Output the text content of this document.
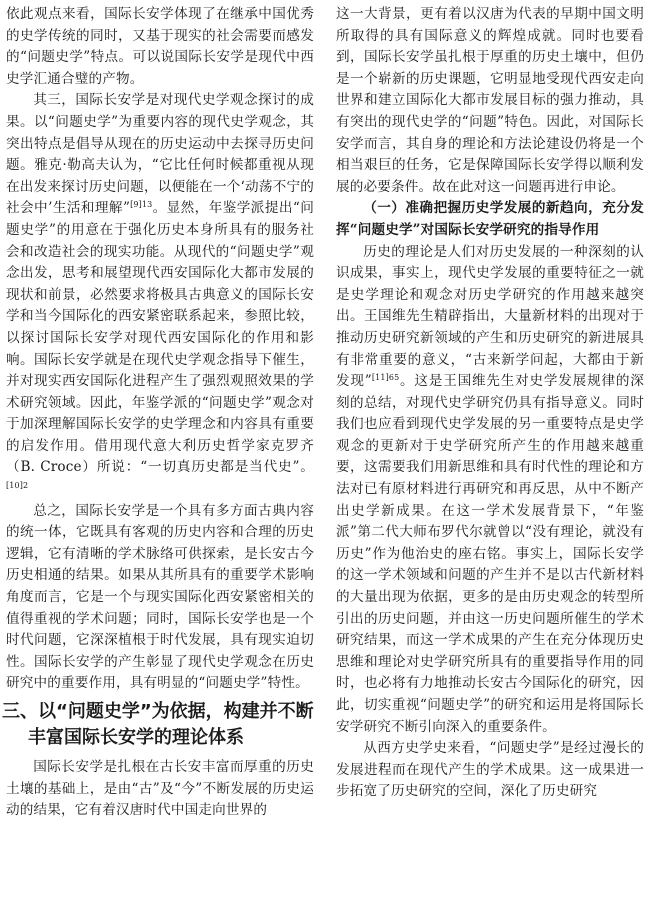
依此观点来看，国际长安学体现了在继承中国优秀的史学传统的同时，又基于现实的社会需要而感发的“问题史学”特点。可以说国际长安学是现代中西史学汇通合璧的产物。

其三，国际长安学是对现代史学观念探讨的成果。以“问题史学”为重要内容的现代史学观念，其突出特点是倡导从现在的历史运动中去探寻历史问题。雅克·勒高夫认为，“它比任何时候都重视从现在出发来探讨历史问题，以便能在一个‘动荡不宁的社会中’生活和理解”$^{[9]13}$。显然，年鉴学派提出“问题史学”的用意在于强化历史本身所具有的服务社会和改造社会的现实功能。从现代的“问题史学”观念出发，思考和展望现代西安国际化大都市发展的现状和前景，必然要求将极具古典意义的国际长安学和当今国际化的西安紧密联系起来，参照比较，以探讨国际长安学对现代西安国际化的作用和影响。国际长安学就是在现代史学观念指导下催生，并对现实西安国际化进程产生了强烈观照效果的学术研究领域。因此，年鉴学派的“问题史学”观念对于加深理解国际长安学的史学理念和内容具有重要的启发作用。借用现代意大利历史哲学家克罗齐（B. Croce）所说：“一切真历史都是当代史”。$^{[10]2}$

总之，国际长安学是一个具有多方面古典内容的统一体，它既具有客观的历史内容和合理的历史逻辑，它有清晰的学术脉络可供探索，是长安古今历史相通的结果。如果从其所具有的重要学术影响角度而言，它是一个与现实国际化西安紧密相关的值得重视的学术问题；同时，国际长安学也是一个时代问题，它深深植根于时代发展，具有现实迫切性。国际长安学的产生彰显了现代史学观念在历史研究中的重要作用，具有明显的“问题史学”特性。

三、以“问题史学”为依据，构建并不断
丰富国际长安学的理论体系

国际长安学是扎根在古长安丰富而厚重的历史土壤的基础上，是由“古”及“今”不断发展的历史运动的结果，它有着汉唐时代中国走向世界的

这一大背景，更有着以汉唐为代表的早期中国文明所取得的具有国际意义的辉煌成就。同时也要看到，国际长安学虽扎根于厚重的历史土壤中，但仍是一个崭新的历史课题，它明显地受现代西安走向世界和建立国际化大都市发展目标的强力推动，具有突出的现代史学的“问题”特色。因此，对国际长安学而言，其自身的理论和方法论建设仍将是一个相当艰巨的任务，它是保障国际长安学得以顺利发展的必要条件。故在此对这一问题再进行申论。

（一）准确把握历史学发展的新趋向，充分发挥“问题史学”对国际长安学研究的指导作用

历史的理论是人们对历史发展的一种深刻的认识成果，事实上，现代史学发展的重要特征之一就是史学理论和观念对历史学研究的作用越来越突出。王国维先生精辟指出，大量新材料的出现对于推动历史研究新领域的产生和历史研究的新进展具有非常重要的意义，“古来新学问起，大都由于新发现”$^{[11]65}$。这是王国维先生对史学发展规律的深刻的总结，对现代史学研究仍具有指导意义。同时我们也应看到现代史学发展的另一重要特点是史学观念的更新对于史学研究所产生的作用越来越重要，这需要我们用新思维和具有时代性的理论和方法对已有原材料进行再研究和再反思，从中不断产出史学新成果。在这一学术发展背景下，“年鉴派”第二代大师布罗代尔就曾以“没有理论，就没有历史”作为他治史的座右铭。事实上，国际长安学的这一学术领域和问题的产生并不是以古代新材料的大量出现为依据，更多的是由历史观念的转型所引出的历史问题，并由这一历史问题所催生的学术研究结果，而这一学术成果的产生在充分体现历史思维和理论对史学研究所具有的重要指导作用的同时，也必将有力地推动长安古今国际化的研究，因此，切实重视“问题史学”的研究和运用是将国际长安学研究不断引向深入的重要条件。

从西方史学史来看，“问题史学”是经过漫长的发展进程而在现代产生的学术成果。这一成果进一步拓宽了历史研究的空间，深化了历史研究
